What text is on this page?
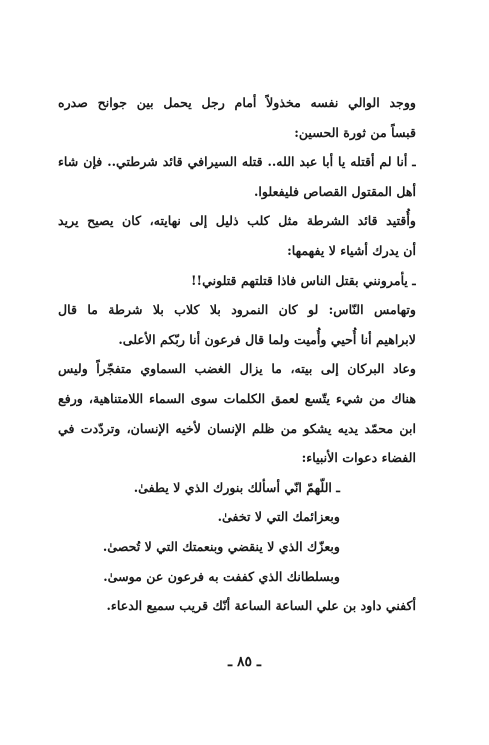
ووجد الوالي نفسه مخذولاً أمام رجل يحمل بين جوانح صدره
قبساً من ثورة الحسين:
ـ أنا لم أقتله يا أبا عبد الله.. قتله السيرافي قائد شرطتي.. فإن شاء
أهل المقتول القصاص فليفعلوا.
وأُقتيد قائد الشرطة مثل كلب ذليل إلى نهايته، كان يصيح يريد
أن يدرك أشياء لا يفهمها:
ـ يأمرونني بقتل الناس فاذا قتلتهم قتلوني!!
وتهامس النّاس: لو كان النمرود بلا كلاب بلا شرطة ما قال
لابراهيم أنا أُحيي وأُميت ولما قال فرعون أنا ربّكم الأعلى.
وعاد البركان إلى بيته، ما يزال الغضب السماوي متفجّراً وليس
هناك من شيء يتّسع لعمق الكلمات سوى السماء اللامتناهية، ورفع
ابن محمّد يديه يشكو من ظلم الإنسان لأخيه الإنسان، وتردّدت في
الفضاء دعوات الأنبياء:
ـ اللّهمّ انّي أسألك بنورك الذي لا يطفىٰ.
وبعزائمك التي لا تخفىٰ.
وبعزّك الذي لا ينقضي وبنعمتك التي لا تُحصىٰ.
وبسلطانك الذي كففت به فرعون عن موسىٰ.
أكفني داود بن علي الساعة الساعة أنّك قريب سميع الدعاء.
ـ ٨٥ ـ
